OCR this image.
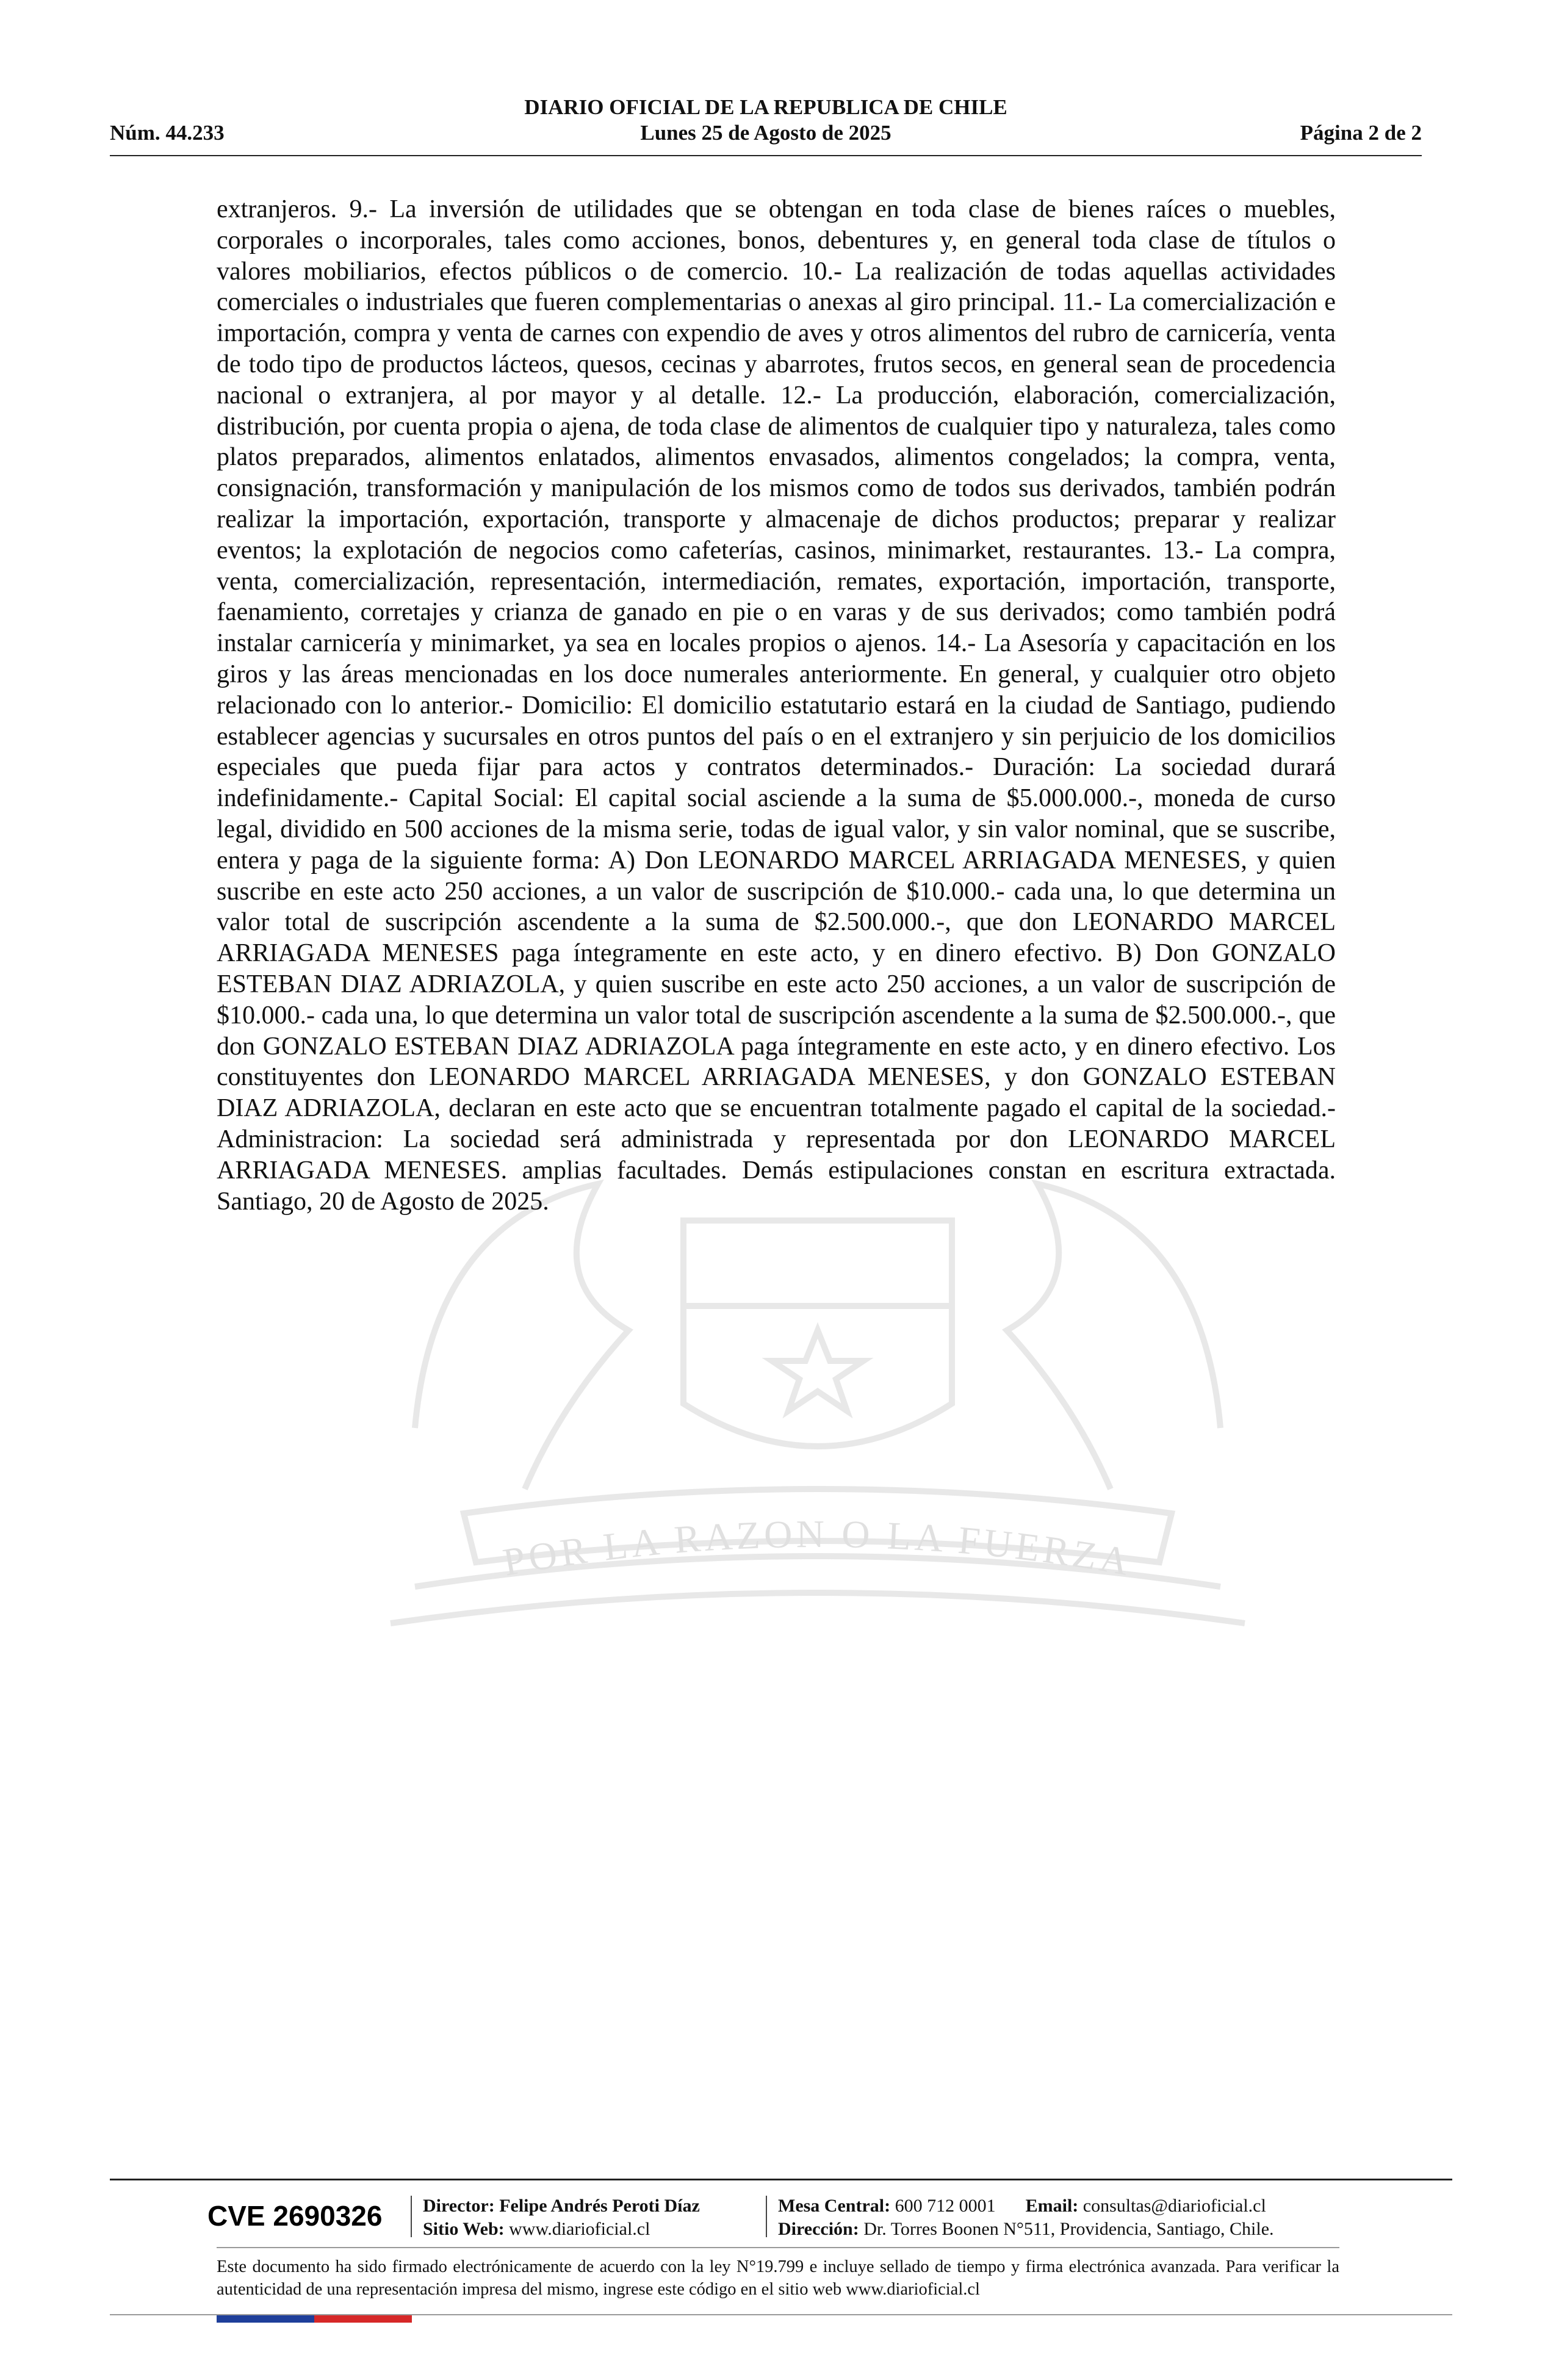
POR LA RAZON O LA FUERZA
DIARIO OFICIAL DE LA REPUBLICA DE CHILE
Núm. 44.233	Lunes 25 de Agosto de 2025	Página 2 de 2

extranjeros. 9.- La inversión de utilidades que se obtengan en toda clase de bienes raíces o muebles, corporales o incorporales, tales como acciones, bonos, debentures y, en general toda clase de títulos o valores mobiliarios, efectos públicos o de comercio. 10.- La realización de todas aquellas actividades comerciales o industriales que fueren complementarias o anexas al giro principal. 11.- La comercialización e importación, compra y venta de carnes con expendio de aves y otros alimentos del rubro de carnicería, venta de todo tipo de productos lácteos, quesos, cecinas y abarrotes, frutos secos, en general sean de procedencia nacional o extranjera, al por mayor y al detalle. 12.- La producción, elaboración, comercialización, distribución, por cuenta propia o ajena, de toda clase de alimentos de cualquier tipo y naturaleza, tales como platos preparados, alimentos enlatados, alimentos envasados, alimentos congelados; la compra, venta, consignación, transformación y manipulación de los mismos como de todos sus derivados, también podrán realizar la importación, exportación, transporte y almacenaje de dichos productos; preparar y realizar eventos; la explotación de negocios como cafeterías, casinos, minimarket, restaurantes. 13.- La compra, venta, comercialización, representación, intermediación, remates, exportación, importación, transporte, faenamiento, corretajes y crianza de ganado en pie o en varas y de sus derivados; como también podrá instalar carnicería y minimarket, ya sea en locales propios o ajenos. 14.- La Asesoría y capacitación en los giros y las áreas mencionadas en los doce numerales anteriormente. En general, y cualquier otro objeto relacionado con lo anterior.- Domicilio: El domicilio estatutario estará en la ciudad de Santiago, pudiendo establecer agencias y sucursales en otros puntos del país o en el extranjero y sin perjuicio de los domicilios especiales que pueda fijar para actos y contratos determinados.- Duración: La sociedad durará indefinidamente.- Capital Social: El capital social asciende a la suma de $5.000.000.-, moneda de curso legal, dividido en 500 acciones de la misma serie, todas de igual valor, y sin valor nominal, que se suscribe, entera y paga de la siguiente forma: A) Don LEONARDO MARCEL ARRIAGADA MENESES, y quien suscribe en este acto 250 acciones, a un valor de suscripción de $10.000.- cada una, lo que determina un valor total de suscripción ascendente a la suma de $2.500.000.-, que don LEONARDO MARCEL ARRIAGADA MENESES paga íntegramente en este acto, y en dinero efectivo. B) Don GONZALO ESTEBAN DIAZ ADRIAZOLA, y quien suscribe en este acto 250 acciones, a un valor de suscripción de $10.000.- cada una, lo que determina un valor total de suscripción ascendente a la suma de $2.500.000.-, que don GONZALO ESTEBAN DIAZ ADRIAZOLA paga íntegramente en este acto, y en dinero efectivo. Los constituyentes don LEONARDO MARCEL ARRIAGADA MENESES, y don GONZALO ESTEBAN DIAZ ADRIAZOLA, declaran en este acto que se encuentran totalmente pagado el capital de la sociedad.- Administracion: La sociedad será administrada y representada por don LEONARDO MARCEL ARRIAGADA MENESES. amplias facultades. Demás estipulaciones constan en escritura extractada. Santiago, 20 de Agosto de 2025.

CVE 2690326 Director: Felipe Andrés Peroti Díaz
Sitio Web: www.diarioficial.cl
Mesa Central: 600 712 0001 Email: consultas@diarioficial.cl
Dirección: Dr. Torres Boonen N°511, Providencia, Santiago, Chile.
Este documento ha sido firmado electrónicamente de acuerdo con la ley N°19.799 e incluye sellado de tiempo y firma electrónica avanzada. Para verificar la autenticidad de una representación impresa del mismo, ingrese este código en el sitio web www.diarioficial.cl
